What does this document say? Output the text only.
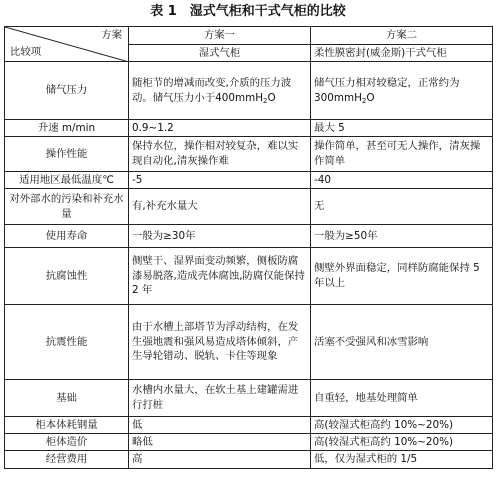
表 1　湿式气柜和干式气柜的比较
方案
比较项	方案一	方案二
	湿式气柜	柔性膜密封(威金斯)干式气柜
储气压力	随柜节的增减而改变,介质的压力波动。储气压力小于400mmH$_2$O	储气压力相对较稳定，正常约为300mmH$_2$O
升速 m/min	0.9~1.2	最大 5
操作性能	保持水位，操作相对较复杂，难以实现自动化,清灰操作难	操作简单，甚至可无人操作，清灰操作简单
适用地区最低温度℃	-5	-40
对外部水的污染和补充水量	有,补充水量大	无
使用寿命	一般为≥30年	一般为≥50年
抗腐蚀性	侧壁干、湿界面变动频繁，侧板防腐漆易脱落,造成壳体腐蚀,防腐仅能保持 2 年	侧壁外界面稳定，同样防腐能保持 5 年以上
抗震性能	由于水槽上部塔节为浮动结构，在发生强地震和强风易造成塔体倾斜，产生导轮错动、脱轨、卡住等现象	活塞不受强风和冰雪影响
基础	水槽内水量大，在软土基上建罐需进行打桩	自重轻，地基处理简单
柜本体耗钢量	低	高(较湿式柜高约 10%~20%)
柜体造价	略低	高(较湿式柜高约 10%~20%)
经营费用	高	低，仅为湿式柜的 1/5
